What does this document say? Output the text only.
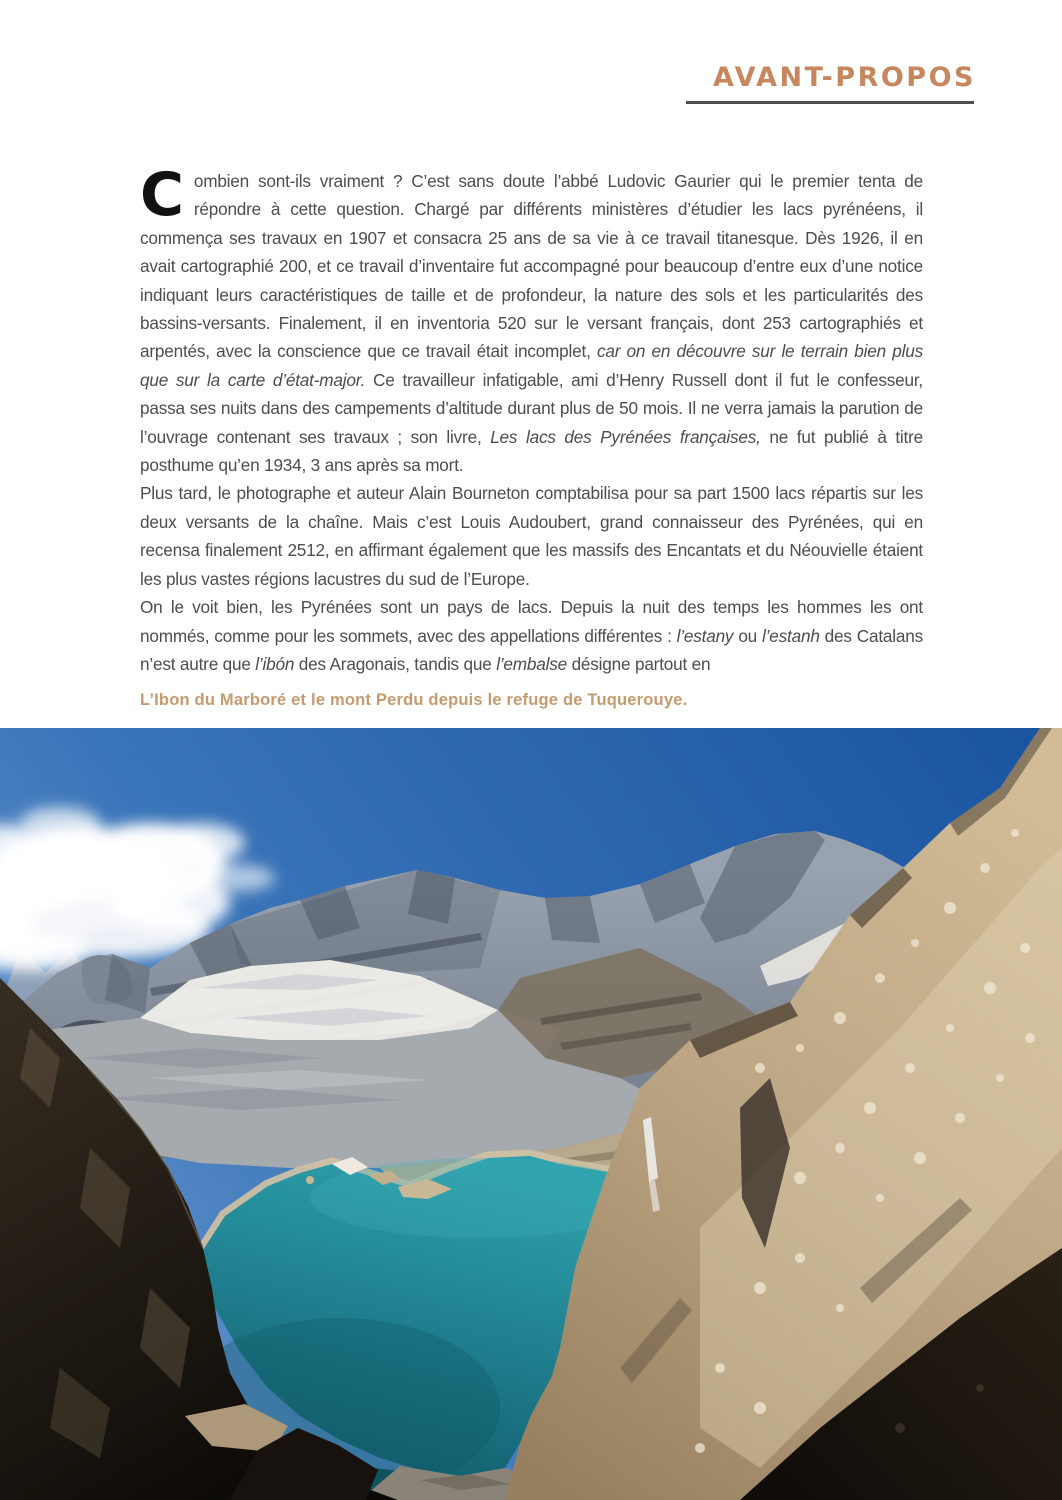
AVANT-PROPOS

Combien sont-ils vraiment ? C’est sans doute l’abbé Ludovic Gaurier qui le premier tenta de répondre à cette question. Chargé par différents ministères d’étudier les lacs pyrénéens, il commença ses travaux en 1907 et consacra 25 ans de sa vie à ce travail titanesque. Dès 1926, il en avait cartographié 200, et ce travail d’inventaire fut accompagné pour beaucoup d’entre eux d’une notice indiquant leurs caractéristiques de taille et de profondeur, la nature des sols et les particularités des bassins-versants. Finalement, il en inventoria 520 sur le versant français, dont 253 cartographiés et arpentés, avec la conscience que ce travail était incomplet, car on en découvre sur le terrain bien plus que sur la carte d’état-major. Ce travailleur infatigable, ami d’Henry Russell dont il fut le confesseur, passa ses nuits dans des campements d’altitude durant plus de 50 mois. Il ne verra jamais la parution de l’ouvrage contenant ses travaux ; son livre, Les lacs des Pyrénées françaises, ne fut publié à titre posthume qu’en 1934, 3 ans après sa mort.

Plus tard, le photographe et auteur Alain Bourneton comptabilisa pour sa part 1500 lacs répartis sur les deux versants de la chaîne. Mais c’est Louis Audoubert, grand connaisseur des Pyrénées, qui en recensa finalement 2512, en affirmant également que les massifs des Encantats et du Néouvielle étaient les plus vastes régions lacustres du sud de l’Europe.

On le voit bien, les Pyrénées sont un pays de lacs. Depuis la nuit des temps les hommes les ont nommés, comme pour les sommets, avec des appellations différentes : l’estany ou l’estanh des Catalans n’est autre que l’ibón des Aragonais, tandis que l’embalse désigne partout en

L’Ibon du Marboré et le mont Perdu depuis le refuge de Tuquerouye.
